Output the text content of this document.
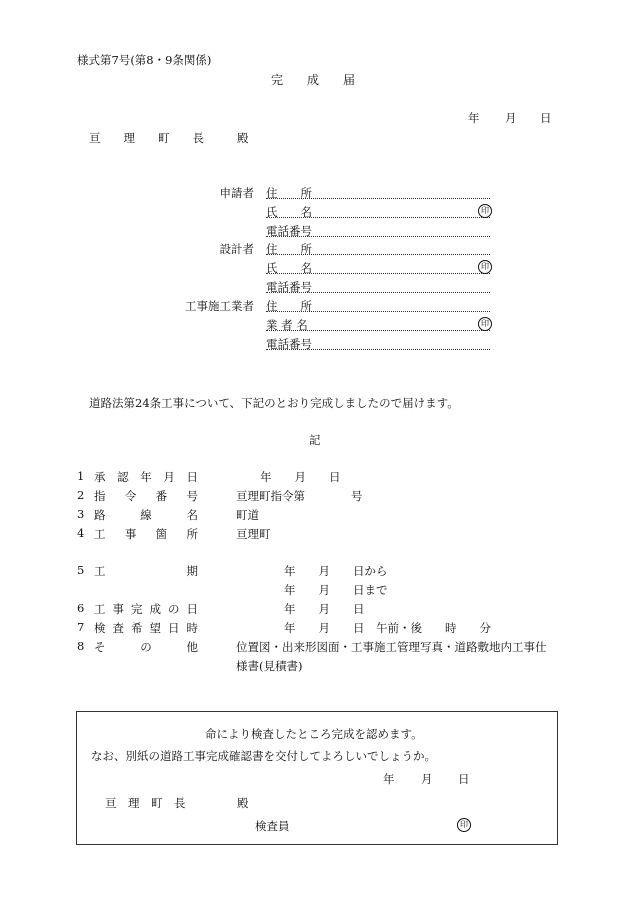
様式第7号(第8・9条関係)
完　　成　　届
年 月 日
亘　　理　　町　　長	殿
申請者 住　　所
氏　　名	印
電話番号
設計者 住　　所
氏　　名	印
電話番号
工事施工業者 住　　所
業 者 名	印
電話番号
道路法第24条工事について、下記のとおり完成しましたので届けます。
記
1 承 認 年 月 日	年　　月　　日
2 指 令 番 号	亘理町指令第　　　　号
3 路	線	名	町道
4 工 事 箇 所	亘理町
5 工	期	年　　月　　日から
年　　月　　日まで
6 工 事 完 成 の 日	年　　月　　日
7 検 査 希 望 日 時	年　　月　　日　午前・後　　時　　分
8 そ	の	他	位置図・出来形図面・工事施工管理写真・道路敷地内工事仕
様書(見積書)
命により検査したところ完成を認めます。
なお、別紙の道路工事完成確認書を交付してよろしいでしょうか。
年 月 日
亘　理　町　長	殿
検査員	印
